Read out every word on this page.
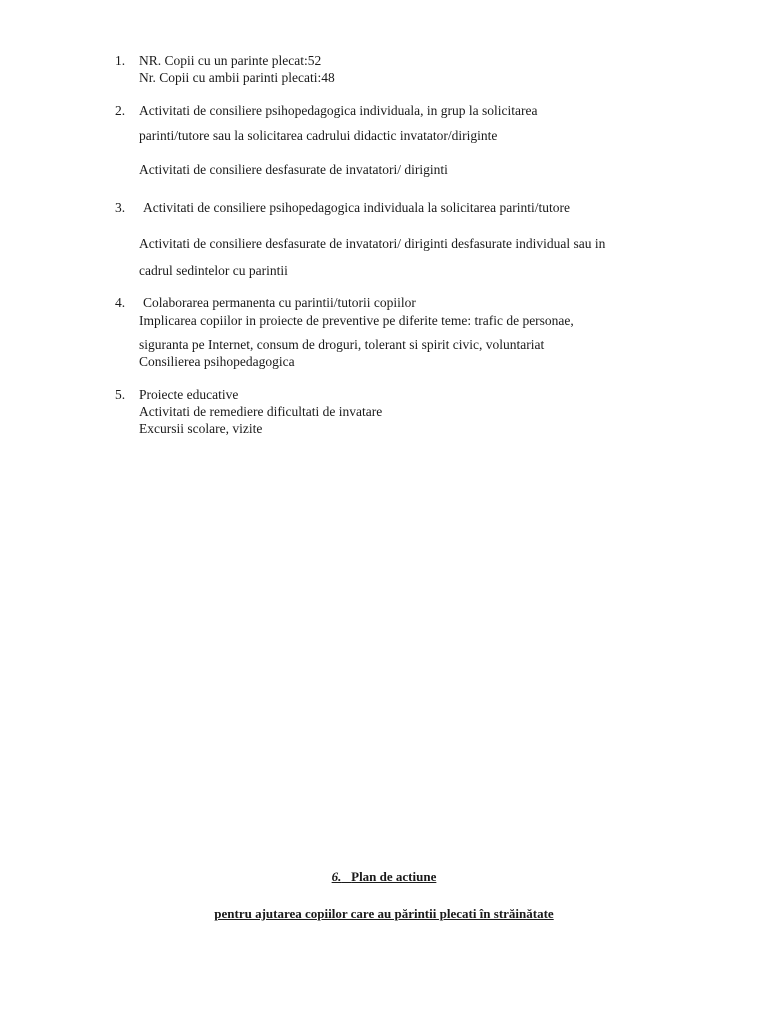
1. NR. Copii cu un parinte plecat:52
Nr. Copii cu ambii parinti plecati:48
2. Activitati de consiliere psihopedagogica individuala, in grup la solicitarea
parinti/tutore sau la solicitarea cadrului didactic invatator/diriginte
Activitati de consiliere desfasurate de invatatori/ diriginti
3. Activitati de consiliere psihopedagogica individuala la solicitarea parinti/tutore
Activitati de consiliere desfasurate de invatatori/ diriginti desfasurate individual sau in
cadrul sedintelor cu parintii
4. Colaborarea permanenta cu parintii/tutorii copiilor
Implicarea copiilor in proiecte de preventive pe diferite teme: trafic de personae,
siguranta pe Internet, consum de droguri, tolerant si spirit civic, voluntariat
Consilierea psihopedagogica
5. Proiecte educative
Activitati de remediere dificultati de invatare
Excursii scolare, vizite
6. Plan de actiune
pentru ajutarea copiilor care au părintii plecati în străinătate
